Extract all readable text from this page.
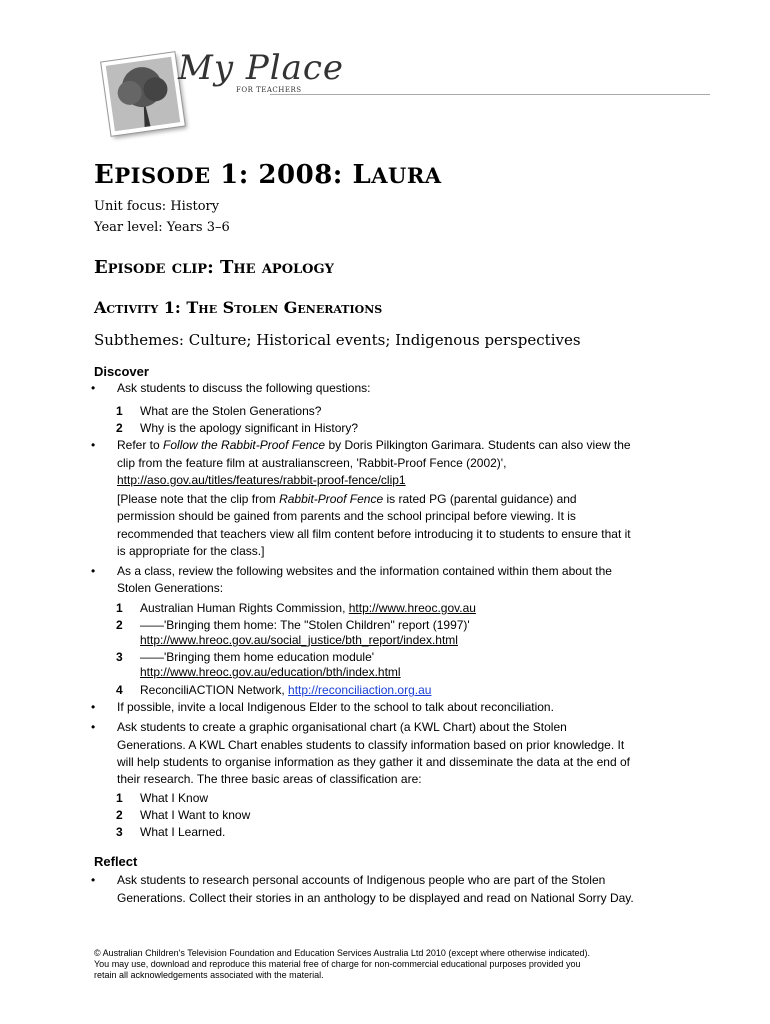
My Place
FOR TEACHERS
EPISODE 1: 2008: LAURA
Unit focus: History
Year level: Years 3–6
Episode clip: The apology
Activity 1: The Stolen Generations
Subthemes: Culture; Historical events; Indigenous perspectives
Discover
• Ask students to discuss the following questions:
1 What are the Stolen Generations?
2 Why is the apology significant in History?
• Refer to Follow the Rabbit-Proof Fence by Doris Pilkington Garimara. Students can also view the
clip from the feature film at australianscreen, 'Rabbit-Proof Fence (2002)',
http://aso.gov.au/titles/features/rabbit-proof-fence/clip1
[Please note that the clip from Rabbit-Proof Fence is rated PG (parental guidance) and
permission should be gained from parents and the school principal before viewing. It is
recommended that teachers view all film content before introducing it to students to ensure that it
is appropriate for the class.]
• As a class, review the following websites and the information contained within them about the
Stolen Generations:
1 Australian Human Rights Commission, http://www.hreoc.gov.au
2 ——'Bringing them home: The "Stolen Children" report (1997)'
http://www.hreoc.gov.au/social_justice/bth_report/index.html
3 ——'Bringing them home education module'
http://www.hreoc.gov.au/education/bth/index.html
4 ReconciliACTION Network, http://reconciliaction.org.au
• If possible, invite a local Indigenous Elder to the school to talk about reconciliation.
• Ask students to create a graphic organisational chart (a KWL Chart) about the Stolen
Generations. A KWL Chart enables students to classify information based on prior knowledge. It
will help students to organise information as they gather it and disseminate the data at the end of
their research. The three basic areas of classification are:
1 What I Know
2 What I Want to know
3 What I Learned.
Reflect
• Ask students to research personal accounts of Indigenous people who are part of the Stolen
Generations. Collect their stories in an anthology to be displayed and read on National Sorry Day.
© Australian Children's Television Foundation and Education Services Australia Ltd 2010 (except where otherwise indicated).
You may use, download and reproduce this material free of charge for non-commercial educational purposes provided you
retain all acknowledgements associated with the material.
